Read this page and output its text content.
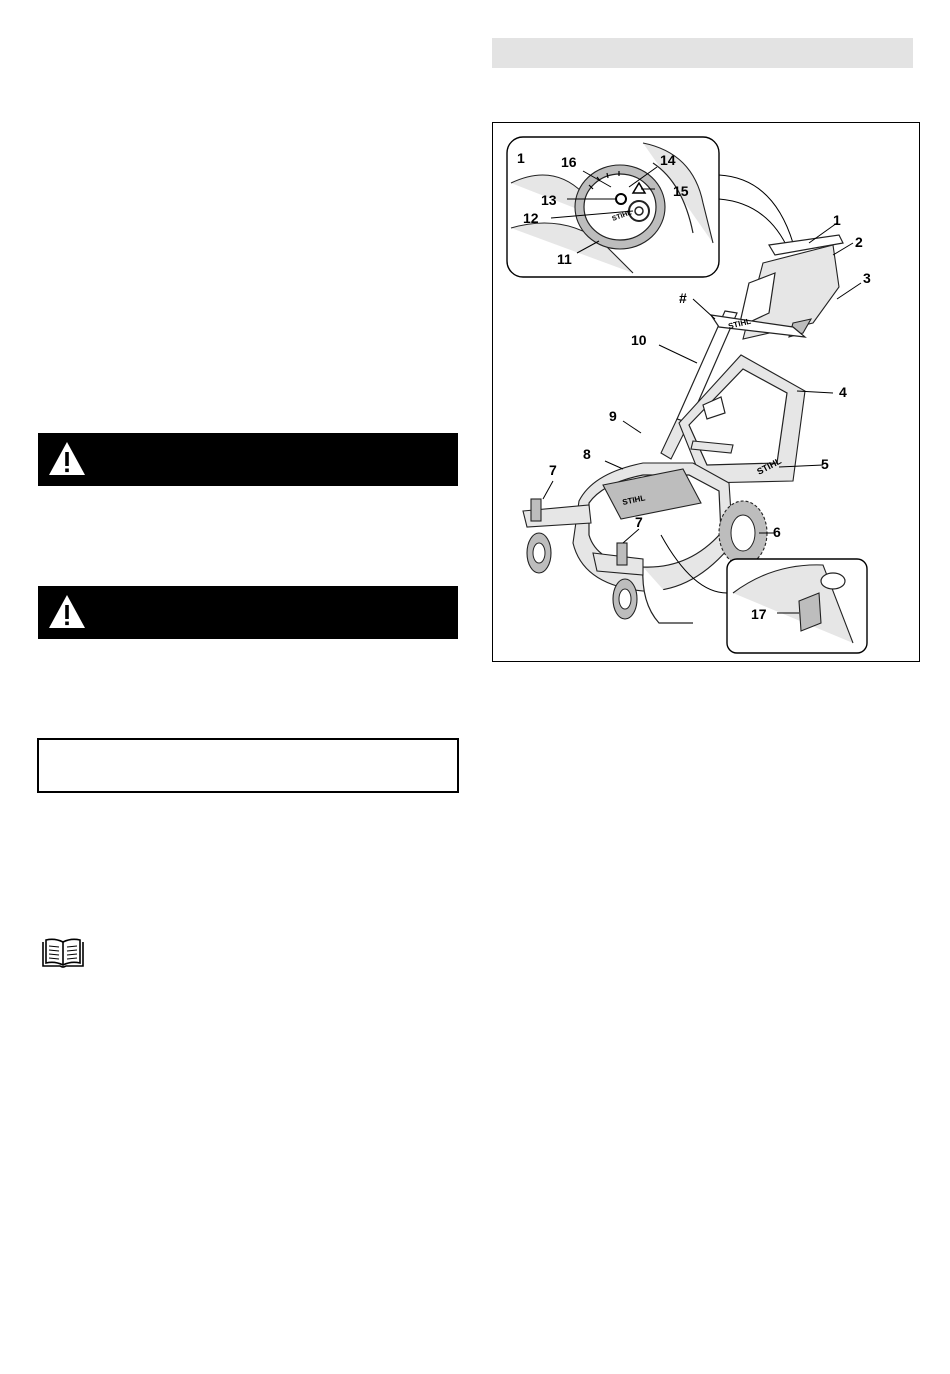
STIHL
1	16	14
13
15
12
11
STIHL
STIHL
STIHL
17
1
2
3
#
10
4
9
5
8
7
6
7
